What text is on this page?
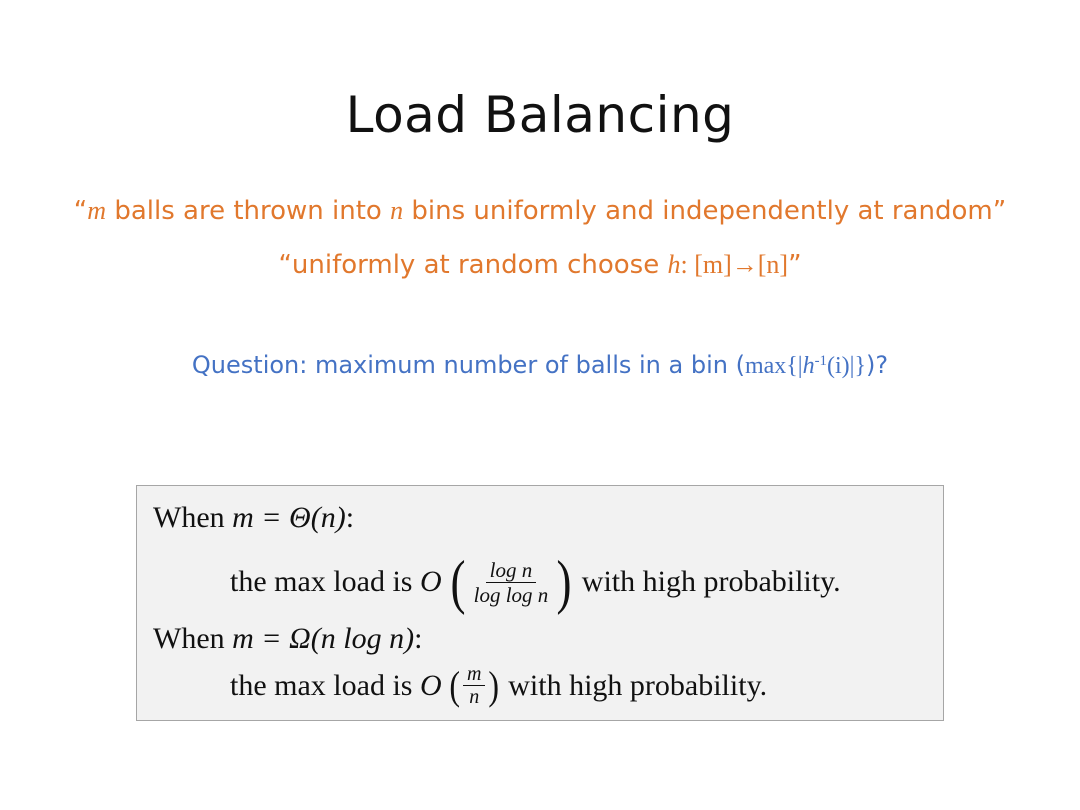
Load Balancing
“m balls are thrown into n bins uniformly and independently at random”
“uniformly at random choose h: [m]→[n]”
Question: maximum number of balls in a bin $(\max\{|h^{-1}(i)|\})$?
When m = Θ(n):
the max load is O ( $\frac{\text{log n}}{\text{log log n}}$ ) with high probability.
When m = Ω(n log n):
the max load is O ( $\frac{m}{n}$ ) with high probability.
